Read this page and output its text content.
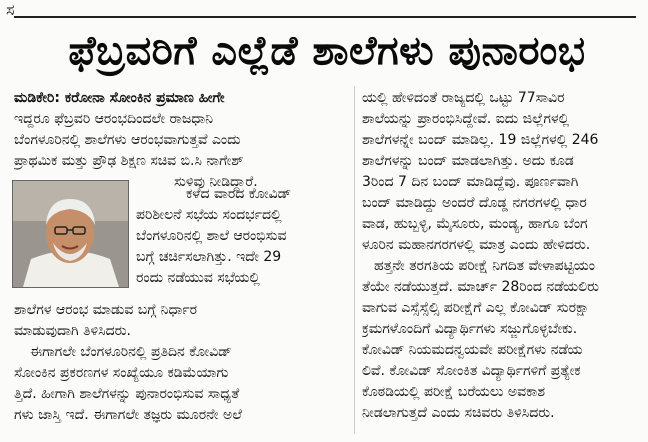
ಸ
ಫೆಬ್ರವರಿಗೆ ಎಲ್ಲೆಡೆ ಶಾಲೆಗಳು ಪುನಾರಂಭ
ಮಡಿಕೇರಿ: ಕರೋನಾ ಸೋಂಕಿನ ಪ್ರಮಾಣ ಹೀಗೇ
ಇದ್ದರೂ ಫೆಬ್ರವರಿ ಆರಂಭದಿಂದಲೇ ರಾಜಧಾನಿ
ಬೆಂಗಳೂರಿನಲ್ಲಿ ಶಾಲೆಗಳು ಆರಂಭವಾಗುತ್ತವೆ ಎಂದು
ಪ್ರಾಥಮಿಕ ಮತ್ತು ಪ್ರೌಢ ಶಿಕ್ಷಣ ಸಚಿವ ಬಿ.ಸಿ ನಾಗೇಶ್
ಸುಳಿವು ನೀಡಿದ್ದಾರೆ.
ಕಳೆದ ವಾರದ ಕೋವಿಡ್
ಪರಿಶೀಲನೆ ಸಭೆಯ ಸಂದರ್ಭದಲ್ಲಿ
ಬೆಂಗಳೂರಿನಲ್ಲಿ ಶಾಲೆ ಆರಂಭಿಸುವ
ಬಗ್ಗೆ ಚರ್ಚಿಸಲಾಗಿತ್ತು. ಇದೇ 29
ರಂದು ನಡೆಯುವ ಸಭೆಯಲ್ಲಿ
ಶಾಲೆಗಳ ಆರಂಭ ಮಾಡುವ ಬಗ್ಗೆ ನಿರ್ಧಾರ
ಮಾಡುವುದಾಗಿ ತಿಳಿಸಿದರು.
ಈಗಾಗಲೇ ಬೆಂಗಳೂರಿನಲ್ಲಿ ಪ್ರತಿದಿನ ಕೋವಿಡ್
ಸೋಂಕಿನ ಪ್ರಕರಣಗಳ ಸಂಖ್ಯೆಯೂ ಕಡಿಮೆಯಾಗು
ತ್ತಿದೆ. ಹೀಗಾಗಿ ಶಾಲೆಗಳನ್ನು ಪುನಾರಂಭಿಸುವ ಸಾಧ್ಯತೆ
ಗಳು ಜಾಸ್ತಿ ಇದೆ. ಈಗಾಗಲೇ ತಜ್ಞರು ಮೂರನೇ ಅಲೆ
ಯಲ್ಲಿ ಹೇಳಿದಂತೆ ರಾಜ್ಯದಲ್ಲಿ ಒಟ್ಟು 77ಸಾವಿರ
ಶಾಲೆಯನ್ನು ಪ್ರಾರಂಭಿಸಿದ್ದೇವೆ. ಐದು ಜಿಲ್ಲೆಗಳಲ್ಲಿ
ಶಾಲೆಗಳನ್ನೇ ಬಂದ್ ಮಾಡಿಲ್ಲ. 19 ಜಿಲ್ಲೆಗಳಲ್ಲಿ 246
ಶಾಲೆಗಳನ್ನು ಬಂದ್ ಮಾಡಲಾಗಿತ್ತು. ಅದು ಕೂಡ
3ರಿಂದ 7 ದಿನ ಬಂದ್ ಮಾಡಿದ್ದೆವು. ಪೂರ್ಣವಾಗಿ
ಬಂದ್ ಮಾಡಿದ್ದು ಅಂದರೆ ದೊಡ್ಡ ನಗರಗಳಲ್ಲಿ ಧಾರ
ವಾಡ, ಹುಬ್ಬಳ್ಳಿ, ಮೈಸೂರು, ಮಂಡ್ಯ, ಹಾಗೂ ಬೆಂಗ
ಳೂರಿನ ಮಹಾನಗರಗಳಲ್ಲಿ ಮಾತ್ರ ಎಂದು ಹೇಳಿದರು.
ಹತ್ತನೇ ತರಗತಿಯ ಪರೀಕ್ಷೆ ನಿಗದಿತ ವೇಳಾಪಟ್ಟಿಯಂ
ತೆಯೇ ನಡೆಯುತ್ತದೆ. ಮಾರ್ಚ್ 28ರಿಂದ ನಡೆಯಲಿರು
ವಾಗುವ ಎಸ್ಸೆಸ್ಸೆಲ್ಸಿ ಪರೀಕ್ಷೆಗೆ ಎಲ್ಲ ಕೋವಿಡ್ ಸುರಕ್ಷಾ
ಕ್ರಮಗಳೊಂದಿಗೆ ವಿದ್ಯಾರ್ಥಿಗಳು ಸಜ್ಜುಗೊಳ್ಳಬೇಕು.
ಕೋವಿಡ್ ನಿಯಮದನ್ವಯವೇ ಪರೀಕ್ಷೆಗಳು ನಡೆಯ
ಲಿವೆ. ಕೋವಿಡ್ ಸೋಂಕಿತ ವಿದ್ಯಾರ್ಥಿಗಳಿಗೆ ಪ್ರತ್ಯೇಕ
ಕೊಠಡಿಯಲ್ಲಿ ಪರೀಕ್ಷೆ ಬರೆಯಲು ಅವಕಾಶ
ನೀಡಲಾಗುತ್ತದೆ ಎಂದು ಸಚಿವರು ತಿಳಿಸಿದರು.
